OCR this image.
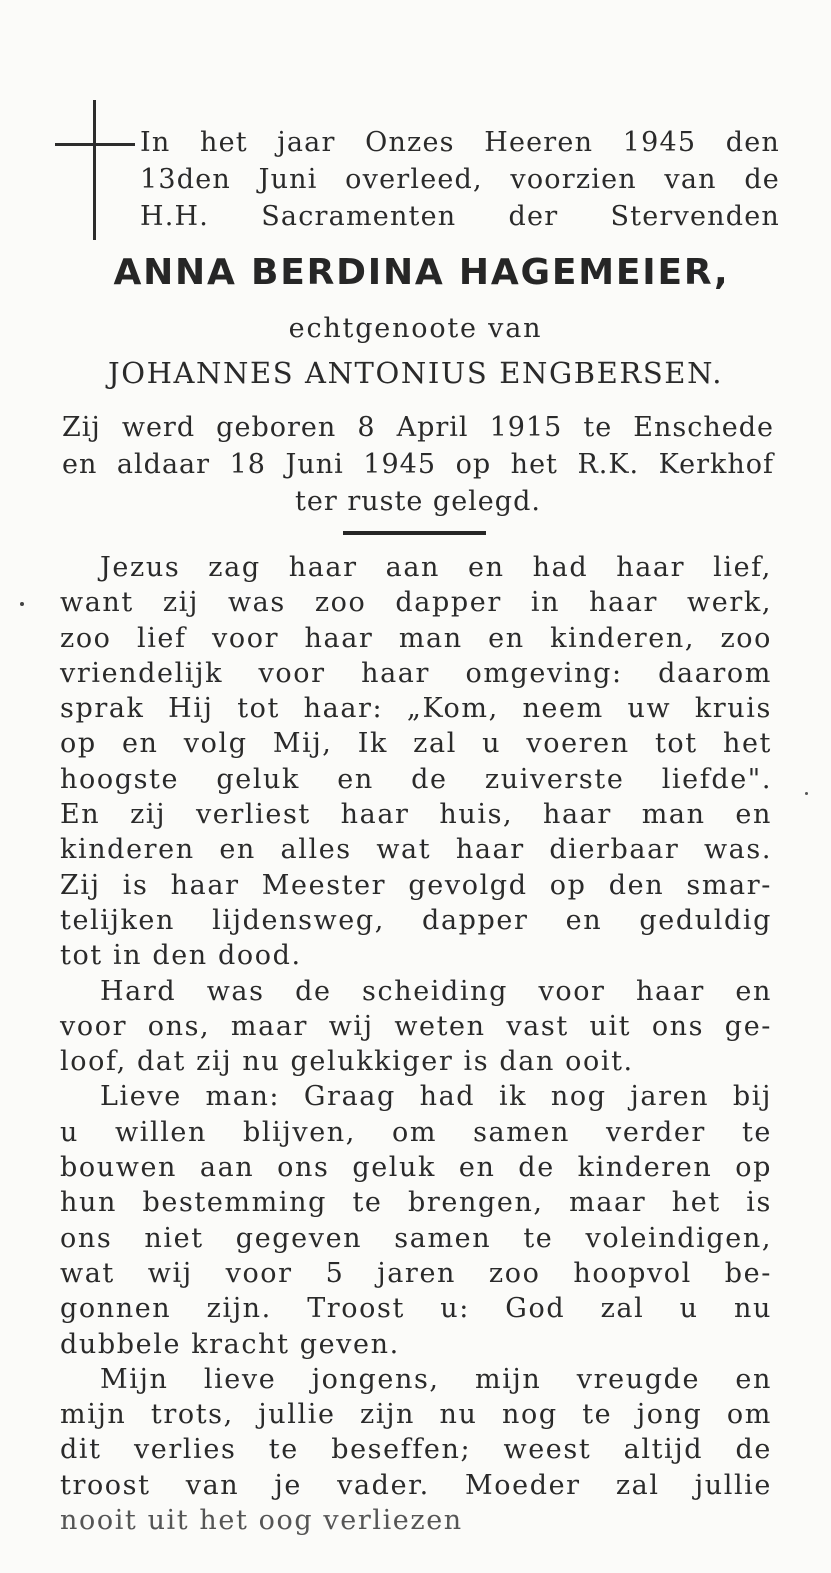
In het jaar Onzes Heeren 1945 den
13den Juni overleed, voorzien van de
H.H. Sacramenten der Stervenden
ANNA BERDINA HAGEMEIER,
echtgenoote van
JOHANNES ANTONIUS ENGBERSEN.
Zij werd geboren 8 April 1915 te Enschede
en aldaar 18 Juni 1945 op het R.K. Kerkhof
ter ruste gelegd.
Jezus zag haar aan en had haar lief,
want zij was zoo dapper in haar werk,
zoo lief voor haar man en kinderen, zoo
vriendelijk voor haar omgeving: daarom
sprak Hij tot haar: „Kom, neem uw kruis
op en volg Mij, Ik zal u voeren tot het
hoogste geluk en de zuiverste liefde".
En zij verliest haar huis, haar man en
kinderen en alles wat haar dierbaar was.
Zij is haar Meester gevolgd op den smar-
telijken lijdensweg, dapper en geduldig
tot in den dood.
Hard was de scheiding voor haar en
voor ons, maar wij weten vast uit ons ge-
loof, dat zij nu gelukkiger is dan ooit.
Lieve man: Graag had ik nog jaren bij
u willen blijven, om samen verder te
bouwen aan ons geluk en de kinderen op
hun bestemming te brengen, maar het is
ons niet gegeven samen te voleindigen,
wat wij voor 5 jaren zoo hoopvol be-
gonnen zijn. Troost u: God zal u nu
dubbele kracht geven.
Mijn lieve jongens, mijn vreugde en
mijn trots, jullie zijn nu nog te jong om
dit verlies te beseffen; weest altijd de
troost van je vader. Moeder zal jullie
nooit uit het oog verliezen
